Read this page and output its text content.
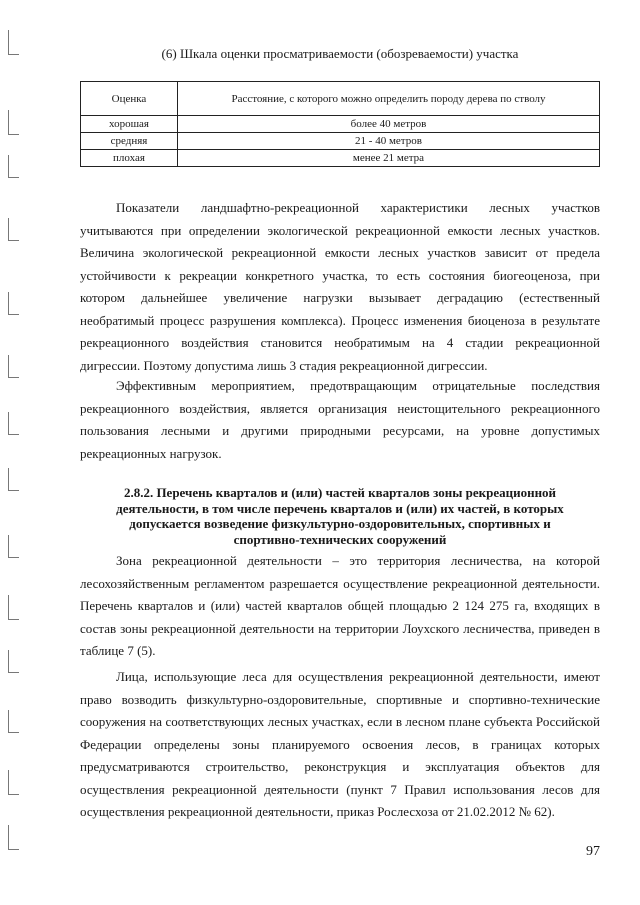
(6) Шкала оценки просматриваемости (обозреваемости) участка
Оценка	Расстояние, с которого можно определить породу дерева по стволу
хорошая	более 40 метров
средняя	21 - 40 метров
плохая	менее 21 метра

Показатели ландшафтно-рекреационной характеристики лесных участков учитываются при определении экологической рекреационной емкости лесных участков. Величина экологической рекреационной емкости лесных участков зависит от предела устойчивости к рекреации конкретного участка, то есть состояния биогеоценоза, при котором дальнейшее увеличение нагрузки вызывает деградацию (естественный необратимый процесс разрушения комплекса). Процесс изменения биоценоза в результате рекреационного воздействия становится необратимым на 4 стадии рекреационной дигрессии. Поэтому допустима лишь 3 стадия рекреационной дигрессии.

Эффективным мероприятием, предотвращающим отрицательные последствия рекреационного воздействия, является организация неистощительного рекреационного пользования лесными и другими природными ресурсами, на уровне допустимых рекреационных нагрузок.

2.8.2. Перечень кварталов и (или) частей кварталов зоны рекреационной деятельности, в том числе перечень кварталов и (или) их частей, в которых допускается возведение физкультурно-оздоровительных, спортивных и спортивно-технических сооружений

Зона рекреационной деятельности – это территория лесничества, на которой лесохозяйственным регламентом разрешается осуществление рекреационной деятельности. Перечень кварталов и (или) частей кварталов общей площадью 2 124 275 га, входящих в состав зоны рекреационной деятельности на территории Лоухского лесничества, приведен в таблице 7 (5).

Лица, использующие леса для осуществления рекреационной деятельности, имеют право возводить физкультурно-оздоровительные, спортивные и спортивно-технические сооружения на соответствующих лесных участках, если в лесном плане субъекта Российской Федерации определены зоны планируемого освоения лесов, в границах которых предусматриваются строительство, реконструкция и эксплуатация объектов для осуществления рекреационной деятельности (пункт 7 Правил использования лесов для осуществления рекреационной деятельности, приказ Рослесхоза от 21.02.2012 № 62).

97
